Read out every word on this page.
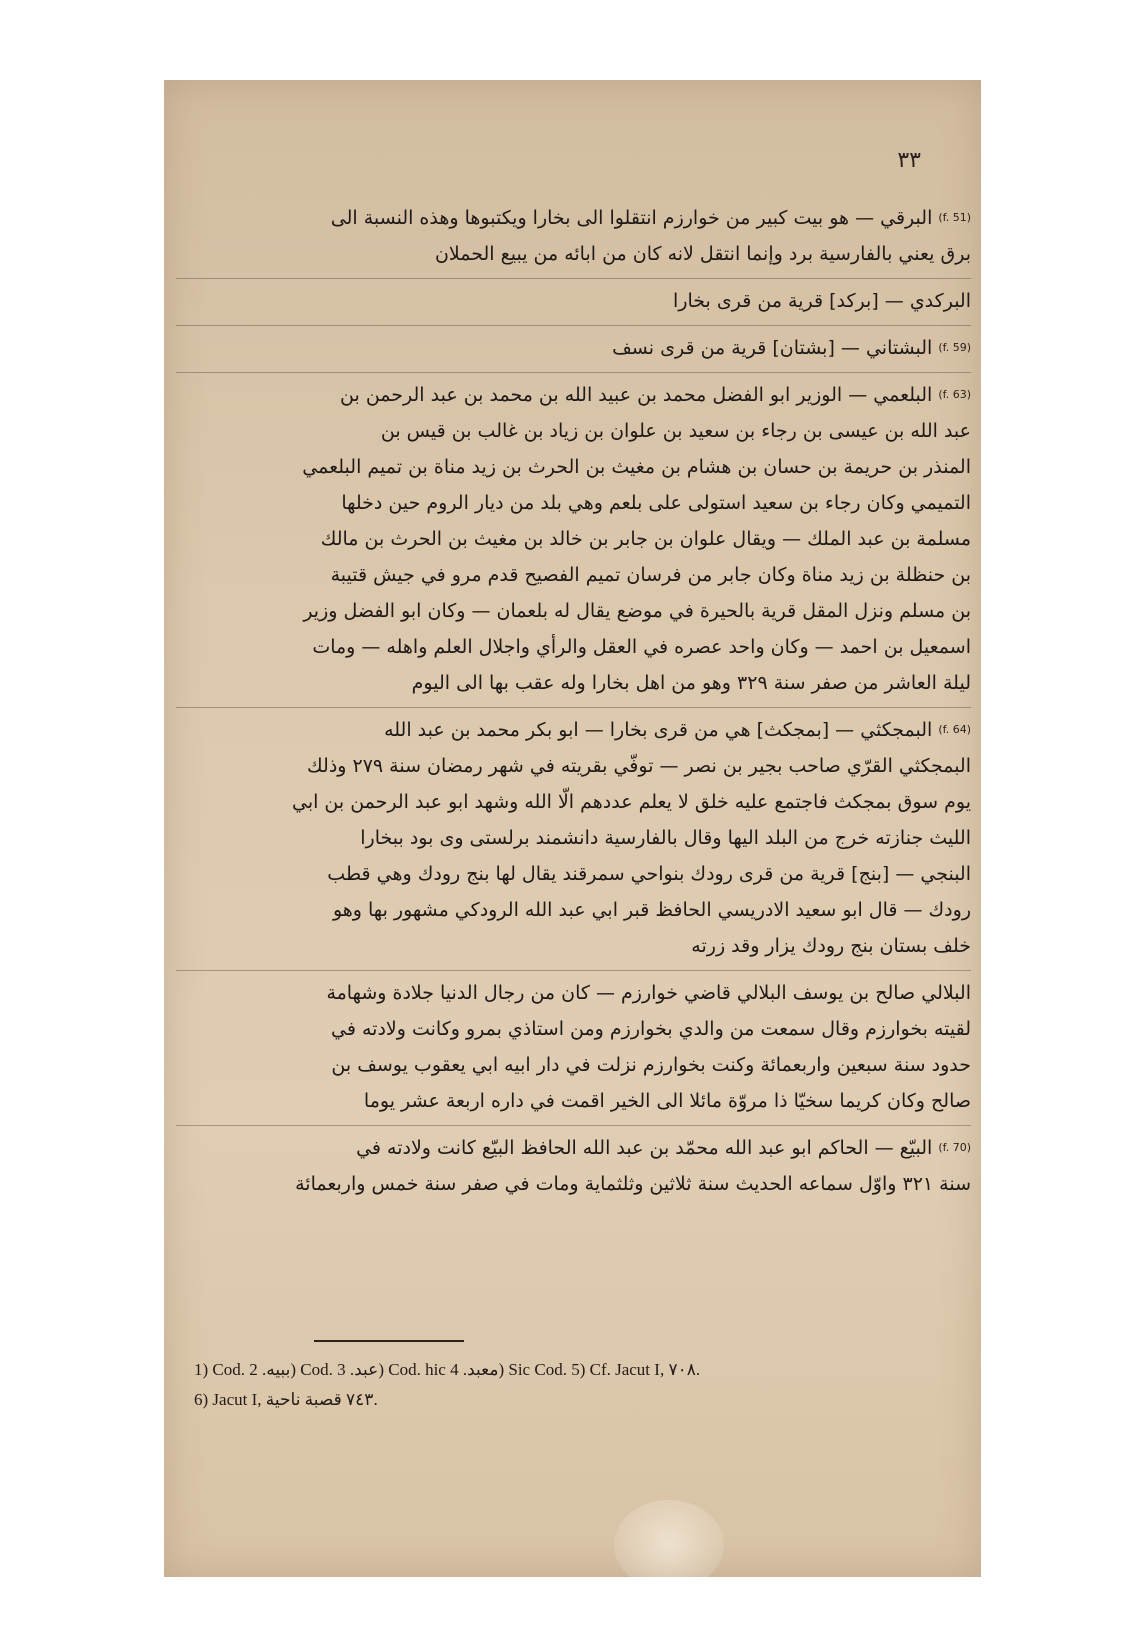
٣٣
(f. 51)
البرقي — هو بيت كبير من خوارزم انتقلوا الى بخارا ويكتبوها وهذه النسبة الى
برق يعني بالفارسية برد وإنما انتقل لانه كان من ابائه من يبيع الحملان
البركدي — [بركد] قرية من قرى بخارا
(f. 59)
البشتاني — [بشتان] قرية من قرى نسف
(f. 63)
البلعمي — الوزير ابو الفضل محمد بن عبيد الله بن محمد بن عبد الرحمن بن
عبد الله بن عيسى بن رجاء بن سعيد بن علوان بن زياد بن غالب بن قيس بن
المنذر بن حريمة بن حسان بن هشام بن مغيث بن الحرث بن زيد مناة بن تميم البلعمي
التميمي وكان رجاء بن سعيد استولى على بلعم وهي بلد من ديار الروم حين دخلها
مسلمة بن عبد الملك — ويقال علوان بن جابر بن خالد بن مغيث بن الحرث بن مالك
بن حنظلة بن زيد مناة وكان جابر من فرسان تميم الفصيح قدم مرو في جيش قتيبة
بن مسلم ونزل المقل قرية بالحيرة في موضع يقال له بلعمان — وكان ابو الفضل وزير
اسمعيل بن احمد — وكان واحد عصره في العقل والرأي واجلال العلم واهله — ومات
ليلة العاشر من صفر سنة ٣٢٩ وهو من اهل بخارا وله عقب بها الى اليوم
(f. 64)
البمجكثي — [بمجكث] هي من قرى بخارا — ابو بكر محمد بن عبد الله
البمجكثي القرّي صاحب بجير بن نصر — توفّي بقريته في شهر رمضان سنة ٢٧٩ وذلك
يوم سوق بمجكث فاجتمع عليه خلق لا يعلم عددهم الّا الله وشهد ابو عبد الرحمن بن ابي
الليث جنازته خرج من البلد اليها وقال بالفارسية دانشمند برلستى وى بود ببخارا
البنجي — [بنج] قرية من قرى رودك بنواحي سمرقند يقال لها بنج رودك وهي قطب
رودك — قال ابو سعيد الادريسي الحافظ قبر ابي عبد الله الرودكي مشهور بها وهو
خلف بستان بنج رودك يزار وقد زرته
البلالي صالح بن يوسف البلالي قاضي خوارزم — كان من رجال الدنيا جلادة وشهامة
لقيته بخوارزم وقال سمعت من والدي بخوارزم ومن استاذي بمرو وكانت ولادته في
حدود سنة سبعين واربعمائة وكنت بخوارزم نزلت في دار ابيه ابي يعقوب يوسف بن
صالح وكان كريما سخيّا ذا مروّة مائلا الى الخير اقمت في داره اربعة عشر يوما
(f. 70)
البيّع — الحاكم ابو عبد الله محمّد بن عبد الله الحافظ البيّع كانت ولادته في
سنة ٣٢١ واوّل سماعه الحديث سنة ثلاثين وثلثماية ومات في صفر سنة خمس واربعمائة
1) Cod. ببيه. 2) Cod. عبد. 3) Cod. hic معبد. 4) Sic Cod. 5) Cf. Jacut I, ٧٠٨.
6) Jacut I, ٧٤٣ قصبة ناحية.
